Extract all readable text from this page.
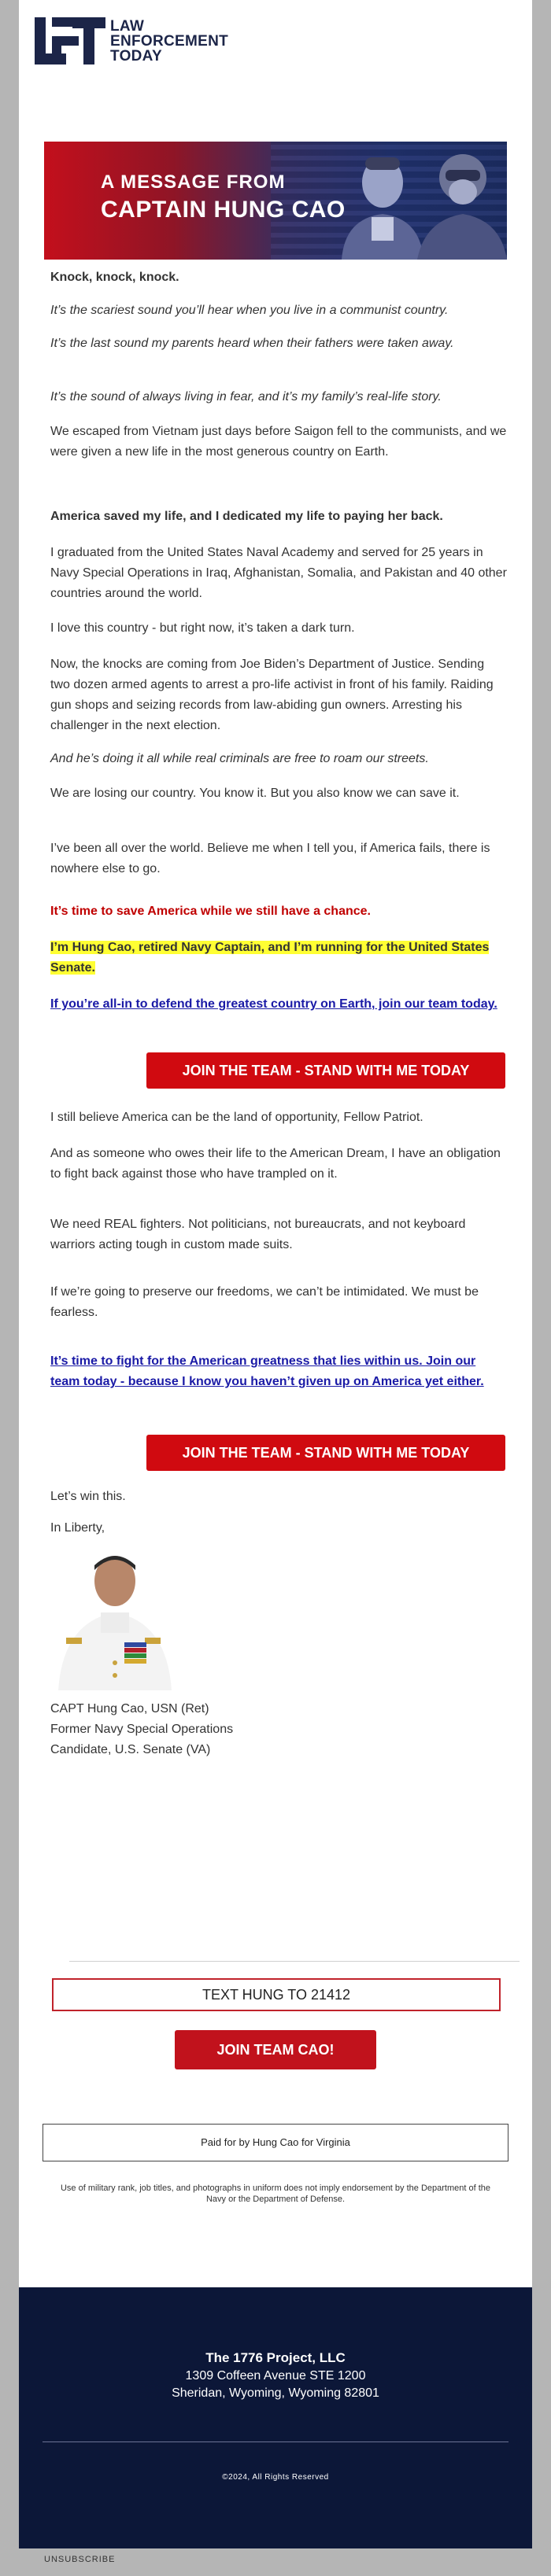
LAW
ENFORCEMENT
TODAY
A MESSAGE FROM
CAPTAIN HUNG CAO
Knock, knock, knock.
It’s the scariest sound you’ll hear when you live in a communist country.
It’s the last sound my parents heard when their fathers were taken away.
It’s the sound of always living in fear, and it’s my family’s real-life story.
We escaped from Vietnam just days before Saigon fell to the communists, and we were given a new life in the most generous country on Earth.
America saved my life, and I dedicated my life to paying her back.
I graduated from the United States Naval Academy and served for 25 years in Navy Special Operations in Iraq, Afghanistan, Somalia, and Pakistan and 40 other countries around the world.
I love this country - but right now, it’s taken a dark turn.
Now, the knocks are coming from Joe Biden’s Department of Justice. Sending two dozen armed agents to arrest a pro-life activist in front of his family. Raiding gun shops and seizing records from law-abiding gun owners. Arresting his challenger in the next election.
And he’s doing it all while real criminals are free to roam our streets.
We are losing our country. You know it. But you also know we can save it.
I’ve been all over the world. Believe me when I tell you, if America fails, there is nowhere else to go.
It’s time to save America while we still have a chance.
I’m Hung Cao, retired Navy Captain, and I’m running for the United States Senate.
If you’re all-in to defend the greatest country on Earth, join our team today.
JOIN THE TEAM - STAND WITH ME TODAY
I still believe America can be the land of opportunity, Fellow Patriot.
And as someone who owes their life to the American Dream, I have an obligation to fight back against those who have trampled on it.
We need REAL fighters. Not politicians, not bureaucrats, and not keyboard warriors acting tough in custom made suits.
If we’re going to preserve our freedoms, we can’t be intimidated. We must be fearless.
It’s time to fight for the American greatness that lies within us. Join our team today - because I know you haven’t given up on America yet either.
JOIN THE TEAM - STAND WITH ME TODAY
Let’s win this.
In Liberty,
CAPT Hung Cao, USN (Ret)
Former Navy Special Operations
Candidate, U.S. Senate (VA)
TEXT HUNG TO 21412
JOIN TEAM CAO!
Paid for by Hung Cao for Virginia
Use of military rank, job titles, and photographs in uniform does not imply endorsement by the Department of the Navy or the Department of Defense.
The 1776 Project, LLC
1309 Coffeen Avenue STE 1200
Sheridan, Wyoming, Wyoming 82801
©2024, All Rights Reserved
UNSUBSCRIBE
